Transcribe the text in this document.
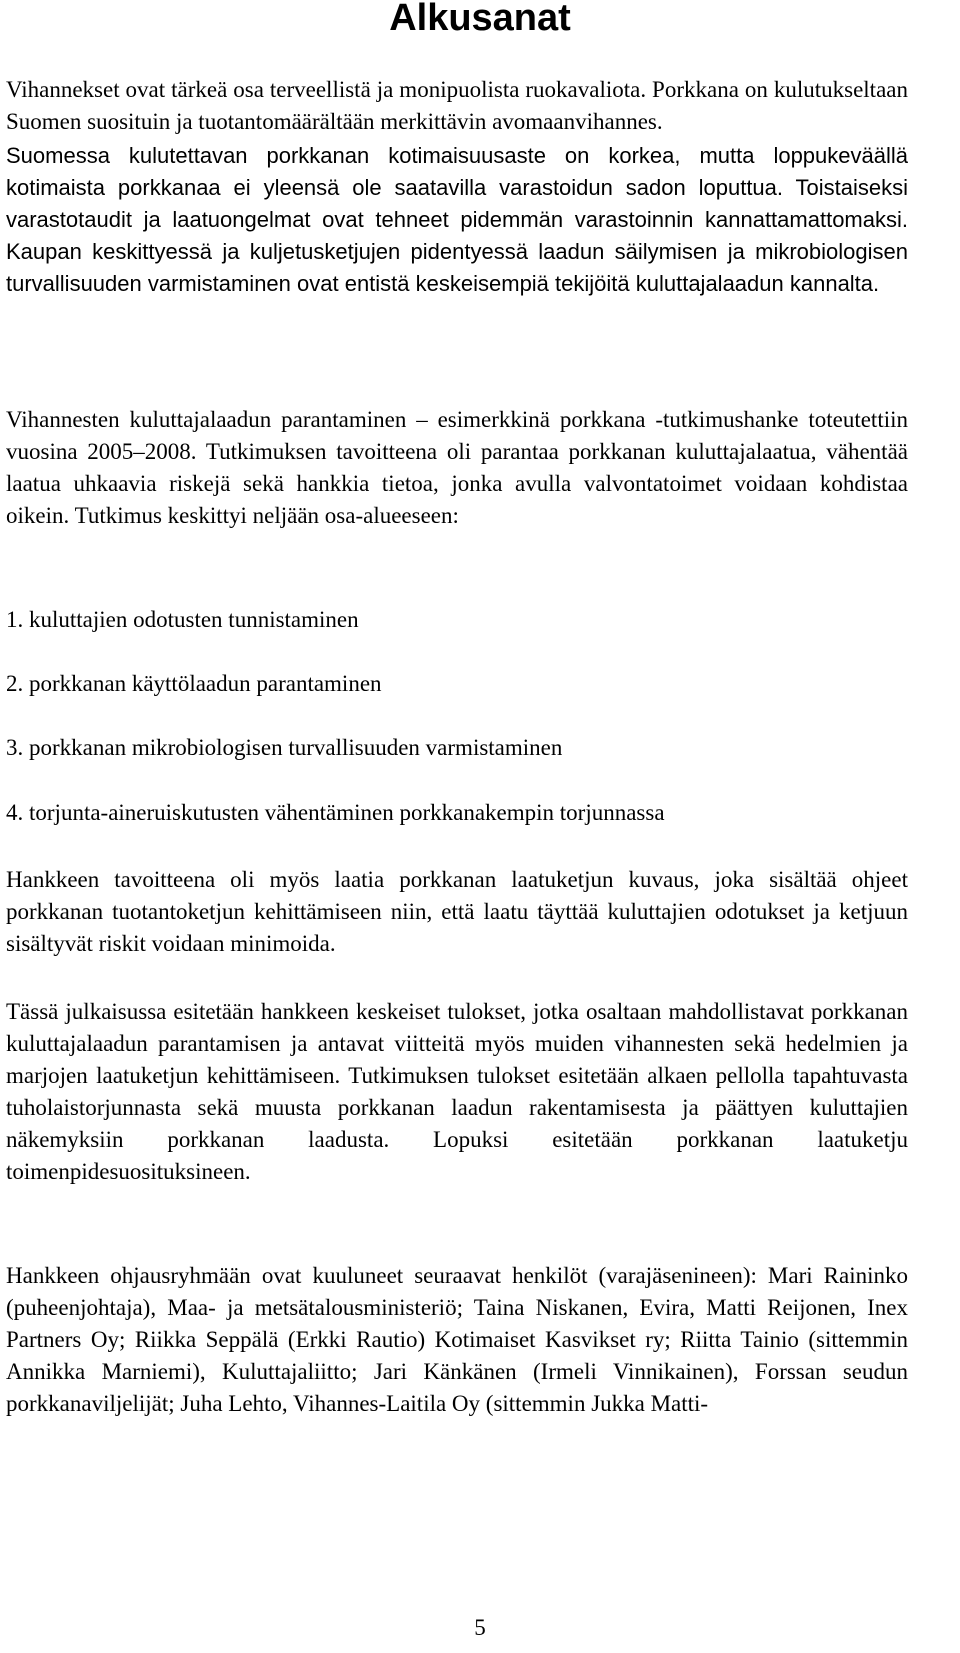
Alkusanat

Vihannekset ovat tärkeä osa terveellistä ja monipuolista ruokavaliota. Porkkana on kulutukseltaan Suomen suosituin ja tuotantomäärältään merkittävin avomaanvihannes.

Suomessa kulutettavan porkkanan kotimaisuusaste on korkea, mutta loppukeväällä kotimaista porkkanaa ei yleensä ole saatavilla varastoidun sadon loputtua. Toistaiseksi varastotaudit ja laatuongelmat ovat tehneet pidemmän varastoinnin kannattamattomaksi. Kaupan keskittyessä ja kuljetusketjujen pidentyessä laadun säilymisen ja mikrobiologisen turvallisuuden varmistaminen ovat entistä keskeisempiä tekijöitä kuluttajalaadun kannalta.

Vihannesten kuluttajalaadun parantaminen – esimerkkinä porkkana -tutkimushanke toteutettiin vuosina 2005–2008. Tutkimuksen tavoitteena oli parantaa porkkanan kuluttajalaatua, vähentää laatua uhkaavia riskejä sekä hankkia tietoa, jonka avulla valvontatoimet voidaan kohdistaa oikein. Tutkimus keskittyi neljään osa-alueeseen:

1. kuluttajien odotusten tunnistaminen

2. porkkanan käyttölaadun parantaminen

3. porkkanan mikrobiologisen turvallisuuden varmistaminen

4. torjunta-aineruiskutusten vähentäminen porkkanakempin torjunnassa

Hankkeen tavoitteena oli myös laatia porkkanan laatuketjun kuvaus, joka sisältää ohjeet porkkanan tuotantoketjun kehittämiseen niin, että laatu täyttää kuluttajien odotukset ja ketjuun sisältyvät riskit voidaan minimoida.

Tässä julkaisussa esitetään hankkeen keskeiset tulokset, jotka osaltaan mahdollistavat porkkanan kuluttajalaadun parantamisen ja antavat viitteitä myös muiden vihannesten sekä hedelmien ja marjojen laatuketjun kehittämiseen. Tutkimuksen tulokset esitetään alkaen pellolla tapahtuvasta tuholaistorjunnasta sekä muusta porkkanan laadun rakentamisesta ja päättyen kuluttajien näkemyksiin porkkanan laadusta. Lopuksi esitetään porkkanan laatuketju toimenpidesuosituksineen.

Hankkeen ohjausryhmään ovat kuuluneet seuraavat henkilöt (varajäsenineen): Mari Raininko (puheenjohtaja), Maa- ja metsätalousministeriö; Taina Niskanen, Evira, Matti Reijonen, Inex Partners Oy; Riikka Seppälä (Erkki Rautio) Kotimaiset Kasvikset ry; Riitta Tainio (sittemmin Annikka Marniemi), Kuluttajaliitto; Jari Känkänen (Irmeli Vinnikainen), Forssan seudun porkkanaviljelijät; Juha Lehto, Vihannes-Laitila Oy (sittemmin Jukka Matti-

5
